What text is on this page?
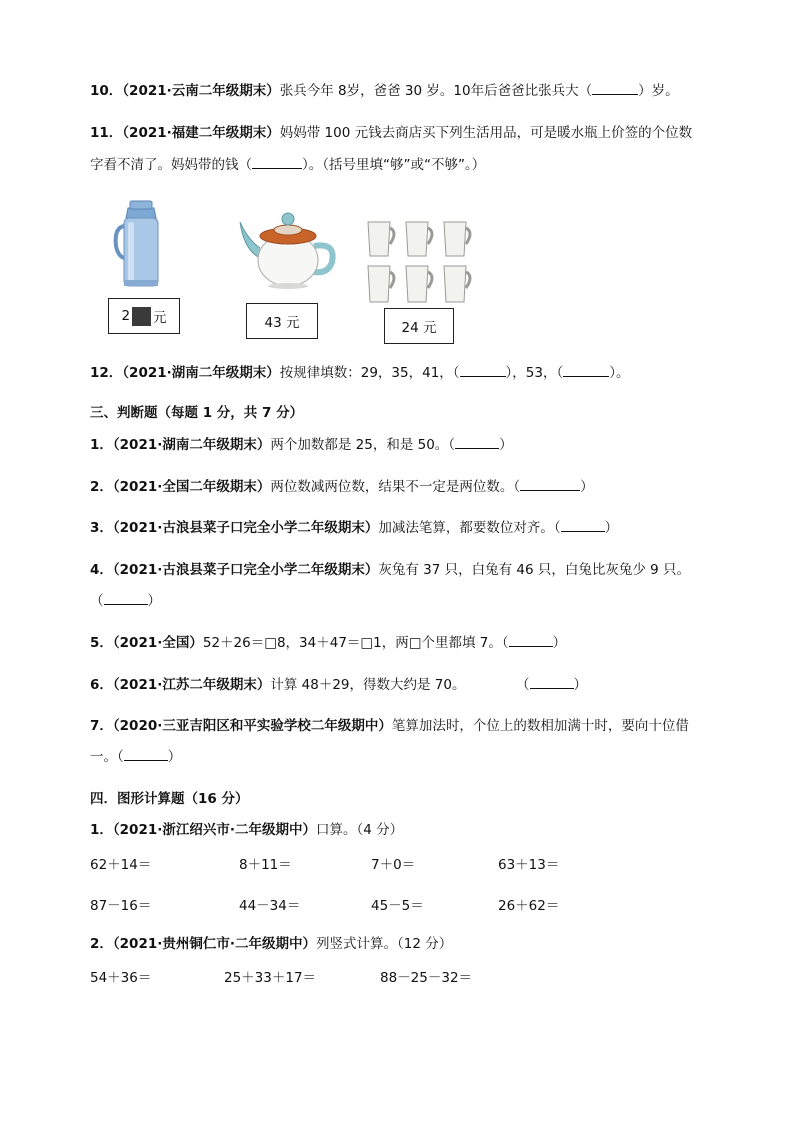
10．（2021·云南二年级期末）张兵今年 8岁，爸爸 30 岁。10年后爸爸比张兵大（	）岁。
11．（2021·福建二年级期末）妈妈带 100 元钱去商店买下列生活用品，可是暖水瓶上价签的个位数
字看不清了。妈妈带的钱（	）。（括号里填“够”或“不够”。）
2 元	43 元	24 元
12．（2021·湖南二年级期末）按规律填数：29，35，41，（	），53，（	）。
三、判断题（每题 1 分，共 7 分）
1．（2021·湖南二年级期末）两个加数都是 25，和是 50。（	）
2．（2021·全国二年级期末）两位数减两位数，结果不一定是两位数。（	）
3．（2021·古浪县菜子口完全小学二年级期末）加减法笔算，都要数位对齐。（	）
4．（2021·古浪县菜子口完全小学二年级期末）灰兔有 37 只，白兔有 46 只，白兔比灰兔少 9 只。
（	）
5．（2021·全国）52＋26＝□8，34＋47＝□1，两□个里都填 7。（	）
6．（2021·江苏二年级期末）计算 48＋29，得数大约是 70。	（	）
7．（2020·三亚吉阳区和平实验学校二年级期中）笔算加法时，个位上的数相加满十时，要向十位借
一。（	）
四．图形计算题（16 分）
1．（2021·浙江绍兴市·二年级期中）口算。（4 分）
62＋14＝	8＋11＝	7＋0＝	63＋13＝
87－16＝	44－34＝	45－5＝	26＋62＝
2．（2021·贵州铜仁市·二年级期中）列竖式计算。（12 分）
54＋36＝	25＋33＋17＝	88－25－32＝
